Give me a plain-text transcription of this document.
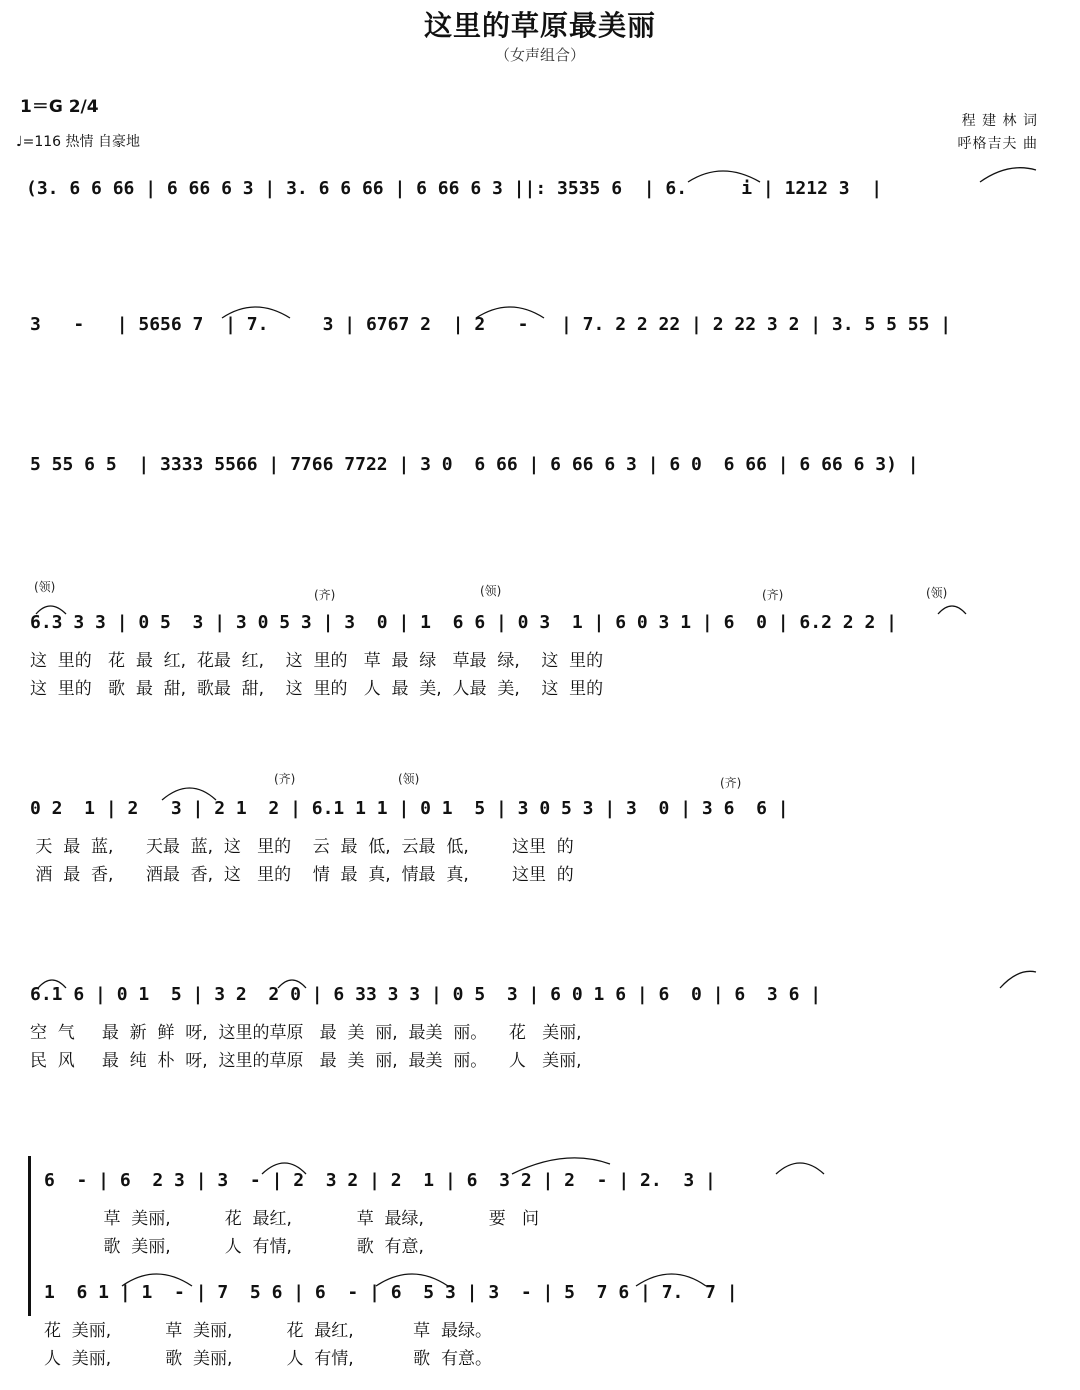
这里的草原最美丽
（女声组合）
1＝G 2/4
♩=116 热情 自豪地
程 建 林 词
呼格吉夫 曲
(3. 6 6 66 | 6 66 6 3 | 3. 6 6 66 | 6 66 6 3 ||: 3535 6  | 6.     i | 1212 3  |
3   -   | 5656 7  | 7.     3 | 6767 2  | 2   -   | 7. 2 2 22 | 2 22 3 2 | 3. 5 5 55 |
5 55 6 5  | 3333 5566 | 7766 7722 | 3 0  6 66 | 6 66 6 3 | 6 0  6 66 | 6 66 6 3) |
(领)
(齐)	(领)	(齐)	(领)
6.3 3 3 | 0 5  3 | 3 0 5 3 | 3  0 | 1  6 6 | 0 3  1 | 6 0 3 1 | 6  0 | 6.2 2 2 |
这  里的   花  最  红,  花最  红,    这  里的   草  最  绿   草最  绿,    这  里的
这  里的   歌  最  甜,  歌最  甜,    这  里的   人  最  美,  人最  美,    这  里的
(齐)	(领)	(齐)
0 2  1 | 2   3 | 2 1  2 | 6.1 1 1 | 0 1  5 | 3 0 5 3 | 3  0 | 3 6  6 |
天  最  蓝,      天最  蓝,  这   里的    云  最  低,  云最  低,        这里  的
酒  最  香,      酒最  香,  这   里的    情  最  真,  情最  真,        这里  的
6.1 6 | 0 1  5 | 3 2  2 0 | 6 33 3 3 | 0 5  3 | 6 0 1 6 | 6  0 | 6  3 6 |
空  气     最  新  鲜  呀,  这里的草原   最  美  丽,  最美  丽。    花   美丽,
民  风     最  纯  朴  呀,  这里的草原   最  美  丽,  最美  丽。    人   美丽,
6  - | 6  2 3 | 3  - | 2  3 2 | 2  1 | 6  3 2 | 2  - | 2.  3 |
草  美丽,          花  最红,            草  最绿,            要   问
歌  美丽,          人  有情,            歌  有意,
1  6 1 | 1  - | 7  5 6 | 6  - | 6  5 3 | 3  - | 5  7 6 | 7.  7 |
花  美丽,          草  美丽,          花  最红,           草  最绿。
人  美丽,          歌  美丽,          人  有情,           歌  有意。
